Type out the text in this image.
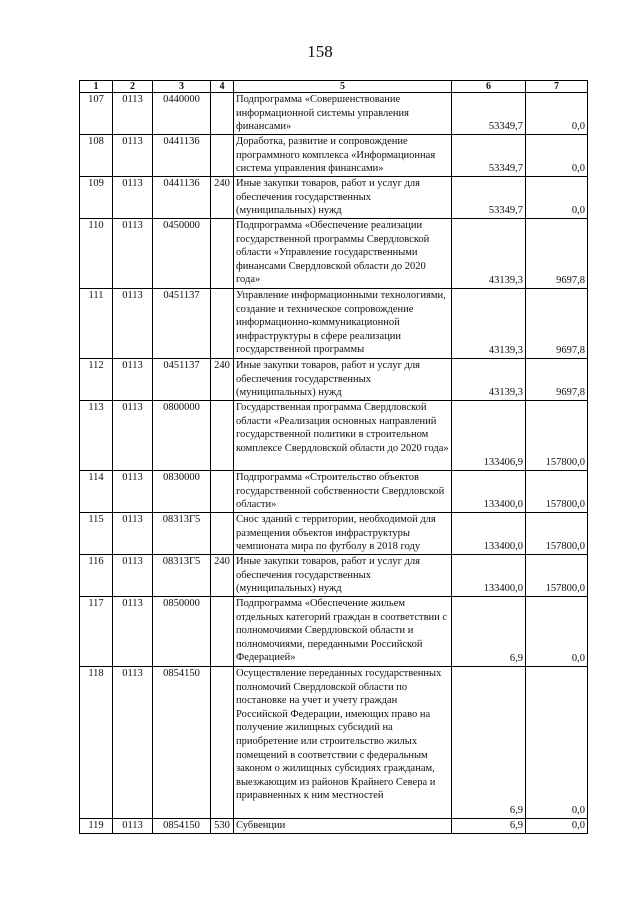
158
1	2	3	4	5	6	7
107	0113	0440000		Подпрограмма «Совершенствование информационной системы управления финансами»	53349,7	0,0
108	0113	0441136		Доработка, развитие и сопровождение программного комплекса «Информационная система управления финансами»	53349,7	0,0
109	0113	0441136	240	Иные закупки товаров, работ и услуг для обеспечения государственных (муниципальных) нужд	53349,7	0,0
110	0113	0450000		Подпрограмма «Обеспечение реализации государственной программы Свердловской области «Управление государственными финансами Свердловской области до 2020 года»	43139,3	9697,8
111	0113	0451137		Управление информационными технологиями, создание и техническое сопровождение информационно-коммуникационной инфраструктуры в сфере реализации государственной программы	43139,3	9697,8
112	0113	0451137	240	Иные закупки товаров, работ и услуг для обеспечения государственных (муниципальных) нужд	43139,3	9697,8
113	0113	0800000		Государственная программа Свердловской области «Реализация основных направлений государственной политики в строительном комплексе Свердловской области до 2020 года»	133406,9	157800,0
114	0113	0830000		Подпрограмма «Строительство объектов государственной собственности Свердловской области»	133400,0	157800,0
115	0113	08313Г5		Снос зданий с территории, необходимой для размещения объектов инфраструктуры чемпионата мира по футболу в 2018 году	133400,0	157800,0
116	0113	08313Г5	240	Иные закупки товаров, работ и услуг для обеспечения государственных (муниципальных) нужд	133400,0	157800,0
117	0113	0850000		Подпрограмма «Обеспечение жильем отдельных категорий граждан в соответствии с полномочиями Свердловской области и полномочиями, переданными Российской Федерацией»	6,9	0,0
118	0113	0854150		Осуществление переданных государственных полномочий Свердловской области по постановке на учет и учету граждан Российской Федерации, имеющих право на получение жилищных субсидий на приобретение или строительство жилых помещений в соответствии с федеральным законом о жилищных субсидиях гражданам, выезжающим из районов Крайнего Севера и приравненных к ним местностей	6,9	0,0
119	0113	0854150	530	Субвенции	6,9	0,0
